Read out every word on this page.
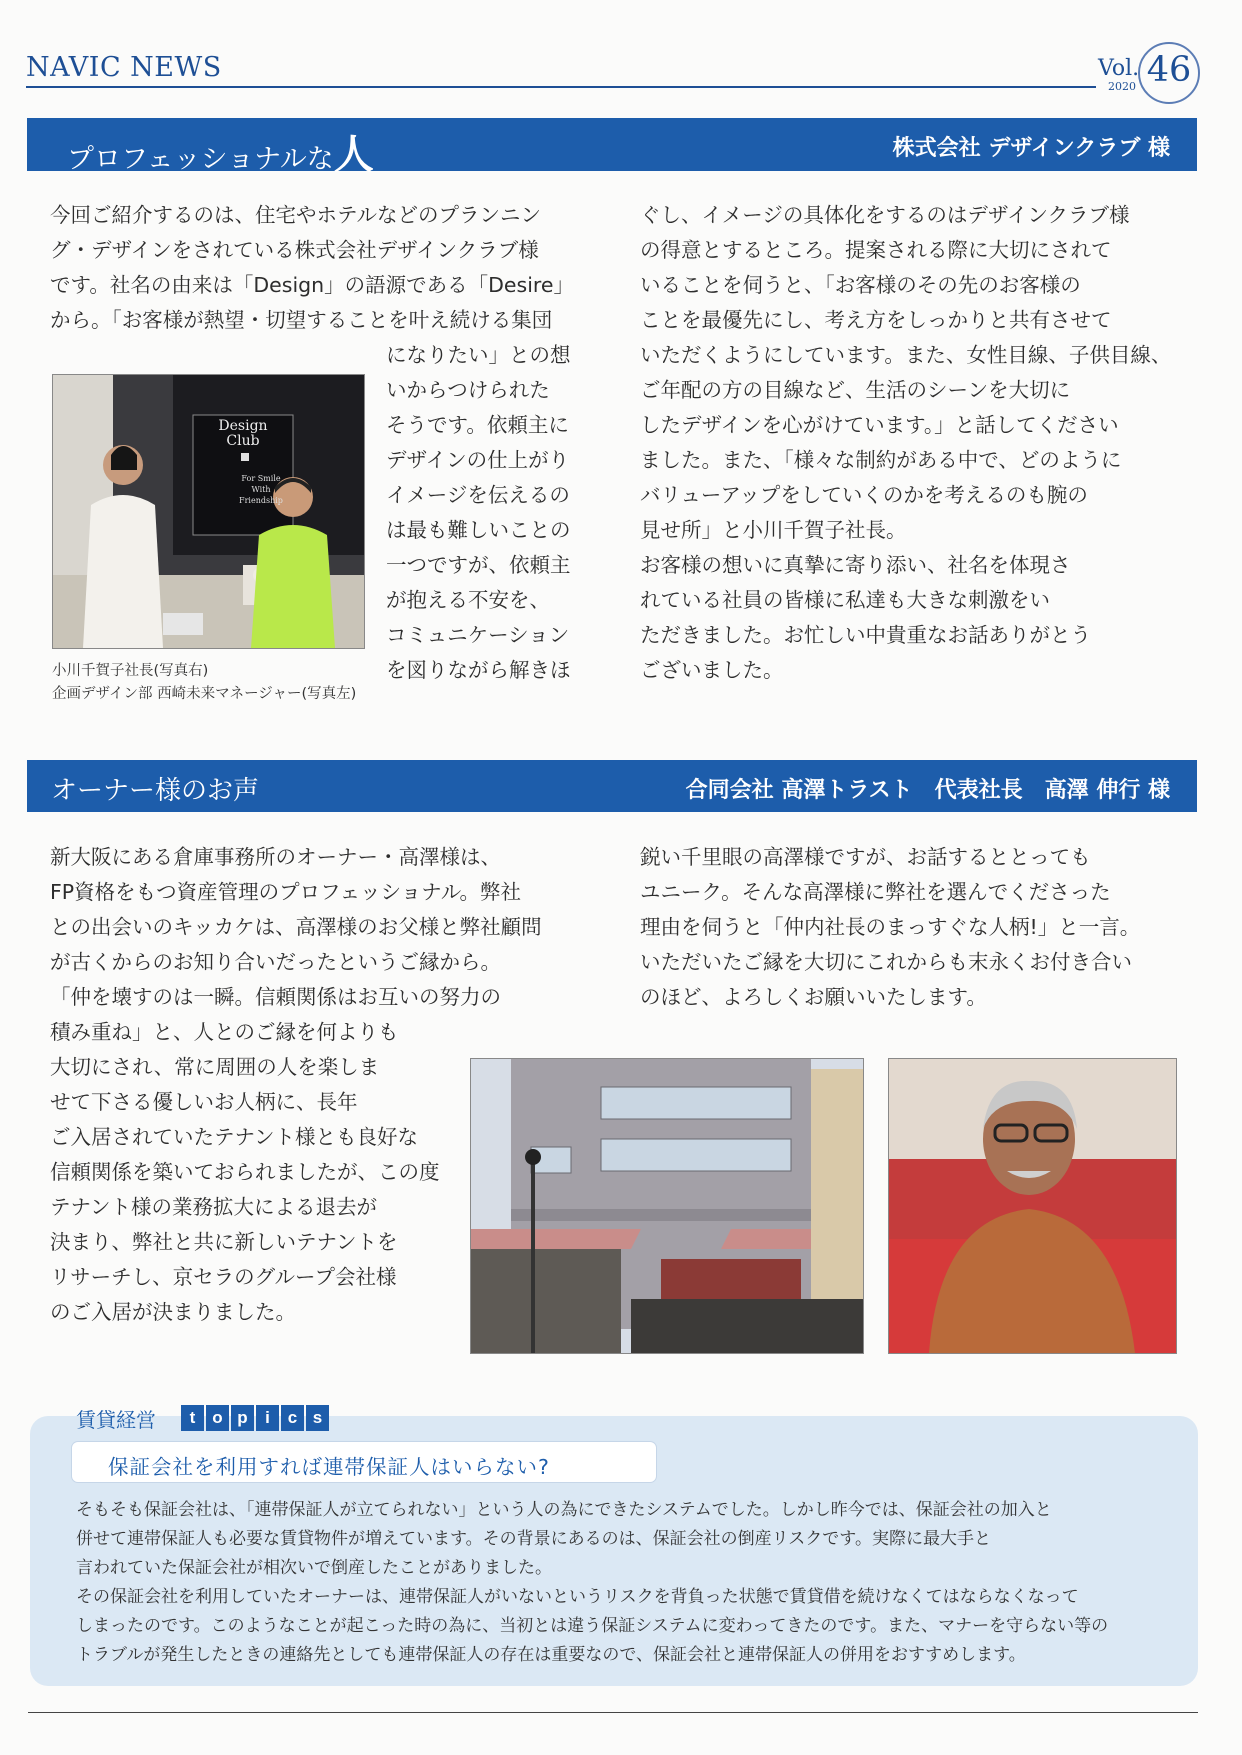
NAVIC NEWS	Vol.
2020 46
プロフェッショナルな人	株式会社 デザインクラブ 様

今回ご紹介するのは、住宅やホテルなどのプランニン
グ・デザインをされている株式会社デザインクラブ様
です。社名の由来は「Design」の語源である「Desire」
から。「お客様が熱望・切望することを叶え続ける集団

になりたい」との想
いからつけられた
そうです。依頼主に
デザインの仕上がり
イメージを伝えるの
は最も難しいことの
一つですが、依頼主
が抱える不安を、
コミュニケーション
を図りながら解きほ

ぐし、イメージの具体化をするのはデザインクラブ様
の得意とするところ。提案される際に大切にされて
いることを伺うと、「お客様のその先のお客様の
ことを最優先にし、考え方をしっかりと共有させて
いただくようにしています。また、女性目線、子供目線、
ご年配の方の目線など、生活のシーンを大切に
したデザインを心がけています。」と話してください
ました。また、「様々な制約がある中で、どのように
バリューアップをしていくのかを考えるのも腕の
見せ所」と小川千賀子社長。
お客様の想いに真摯に寄り添い、社名を体現さ
れている社員の皆様に私達も大きな刺激をい
ただきました。お忙しい中貴重なお話ありがとう
ございました。

Design
Club
For Smile
With
Friendship
小川千賀子社長(写真右)
企画デザイン部 西崎未来マネージャー(写真左)
オーナー様のお声	合同会社 高澤トラスト　代表社長　高澤 伸行 様

新大阪にある倉庫事務所のオーナー・高澤様は、
FP資格をもつ資産管理のプロフェッショナル。弊社
との出会いのキッカケは、高澤様のお父様と弊社顧問
が古くからのお知り合いだったというご縁から。
「仲を壊すのは一瞬。信頼関係はお互いの努力の

積み重ね」と、人とのご縁を何よりも
大切にされ、常に周囲の人を楽しま
せて下さる優しいお人柄に、長年
ご入居されていたテナント様とも良好な
信頼関係を築いておられましたが、この度
テナント様の業務拡大による退去が
決まり、弊社と共に新しいテナントを
リサーチし、京セラのグループ会社様
のご入居が決まりました。

鋭い千里眼の高澤様ですが、お話するととっても
ユニーク。そんな高澤様に弊社を選んでくださった
理由を伺うと「仲内社長のまっすぐな人柄!」と一言。
いただいたご縁を大切にこれからも末永くお付き合い
のほど、よろしくお願いいたします。

賃貸経営	t o p i c s
保証会社を利用すれば連帯保証人はいらない?
そもそも保証会社は、「連帯保証人が立てられない」という人の為にできたシステムでした。しかし昨今では、保証会社の加入と
併せて連帯保証人も必要な賃貸物件が増えています。その背景にあるのは、保証会社の倒産リスクです。実際に最大手と
言われていた保証会社が相次いで倒産したことがありました。
その保証会社を利用していたオーナーは、連帯保証人がいないというリスクを背負った状態で賃貸借を続けなくてはならなくなって
しまったのです。このようなことが起こった時の為に、当初とは違う保証システムに変わってきたのです。また、マナーを守らない等の
トラブルが発生したときの連絡先としても連帯保証人の存在は重要なので、保証会社と連帯保証人の併用をおすすめします。
